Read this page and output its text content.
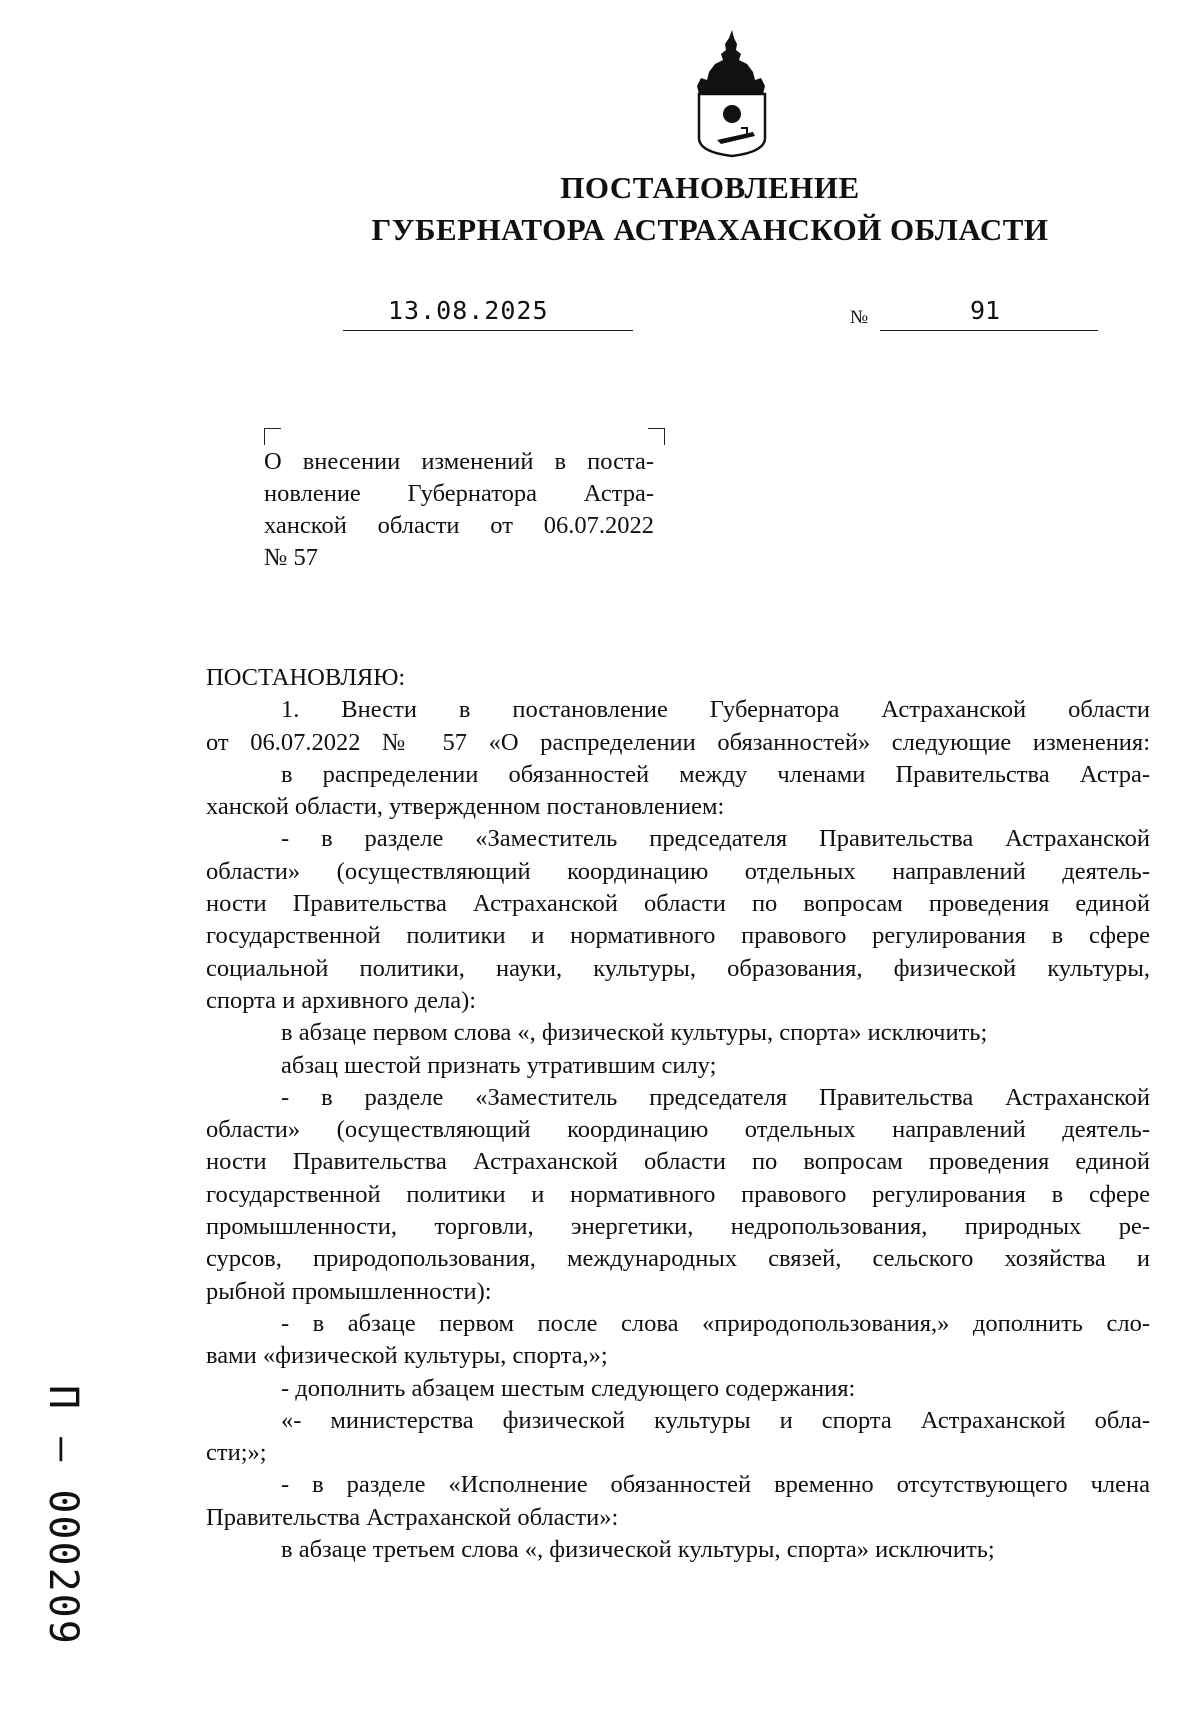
ПОСТАНОВЛЕНИЕ
ГУБЕРНАТОРА АСТРАХАНСКОЙ ОБЛАСТИ
13.08.2025	№	91
О внесении изменений в поста-
новление Губернатора Астра-
ханской области от 06.07.2022
№ 57
ПОСТАНОВЛЯЮ:
1. Внести в постановление Губернатора Астраханской области
от 06.07.2022 № 57 «О распределении обязанностей» следующие изменения:
в распределении обязанностей между членами Правительства Астра-
ханской области, утвержденном постановлением:
- в разделе «Заместитель председателя Правительства Астраханской
области» (осуществляющий координацию отдельных направлений деятель-
ности Правительства Астраханской области по вопросам проведения единой
государственной политики и нормативного правового регулирования в сфере
социальной политики, науки, культуры, образования, физической культуры,
спорта и архивного дела):
в абзаце первом слова «, физической культуры, спорта» исключить;
абзац шестой признать утратившим силу;
- в разделе «Заместитель председателя Правительства Астраханской
области» (осуществляющий координацию отдельных направлений деятель-
ности Правительства Астраханской области по вопросам проведения единой
государственной политики и нормативного правового регулирования в сфере
промышленности, торговли, энергетики, недропользования, природных ре-
сурсов, природопользования, международных связей, сельского хозяйства и
рыбной промышленности):
- в абзаце первом после слова «природопользования,» дополнить сло-
вами «физической культуры, спорта,»;
- дополнить абзацем шестым следующего содержания:
«- министерства физической культуры и спорта Астраханской обла-
сти;»;
- в разделе «Исполнение обязанностей временно отсутствующего члена
Правительства Астраханской области»:
в абзаце третьем слова «, физической культуры, спорта» исключить;
П — 000209
